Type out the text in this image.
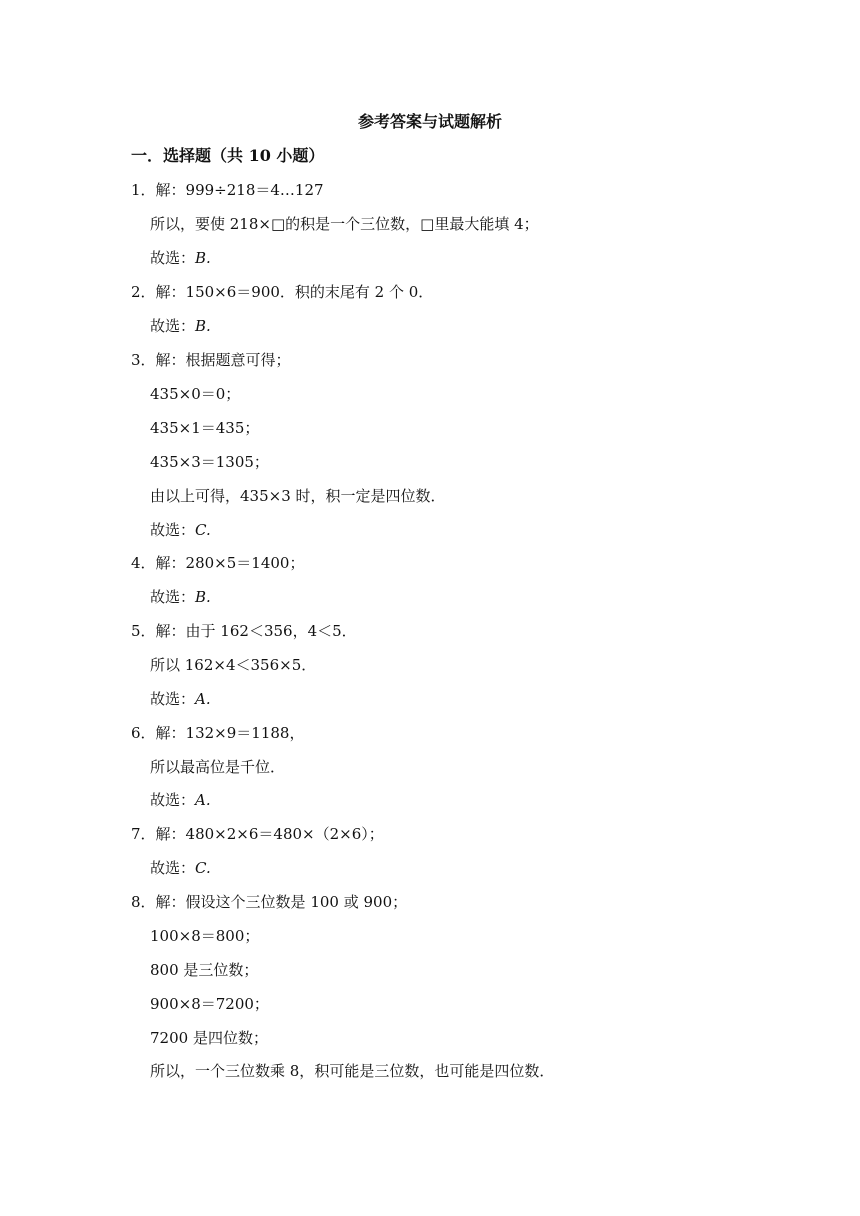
参考答案与试题解析
一．选择题（共 10 小题）
1．解：999÷218＝4…127
所以，要使 218×□的积是一个三位数，□里最大能填 4；
故选：B.
2．解：150×6＝900．积的末尾有 2 个 0．
故选：B.
3．解：根据题意可得；
435×0＝0；
435×1＝435；
435×3＝1305；
由以上可得，435×3 时，积一定是四位数．
故选：C.
4．解：280×5＝1400；
故选：B.
5．解：由于 162＜356，4＜5．
所以 162×4＜356×5．
故选：A.
6．解：132×9＝1188，
所以最高位是千位．
故选：A.
7．解：480×2×6＝480×（2×6）；
故选：C.
8．解：假设这个三位数是 100 或 900；
100×8＝800；
800 是三位数；
900×8＝7200；
7200 是四位数；
所以，一个三位数乘 8，积可能是三位数，也可能是四位数．
